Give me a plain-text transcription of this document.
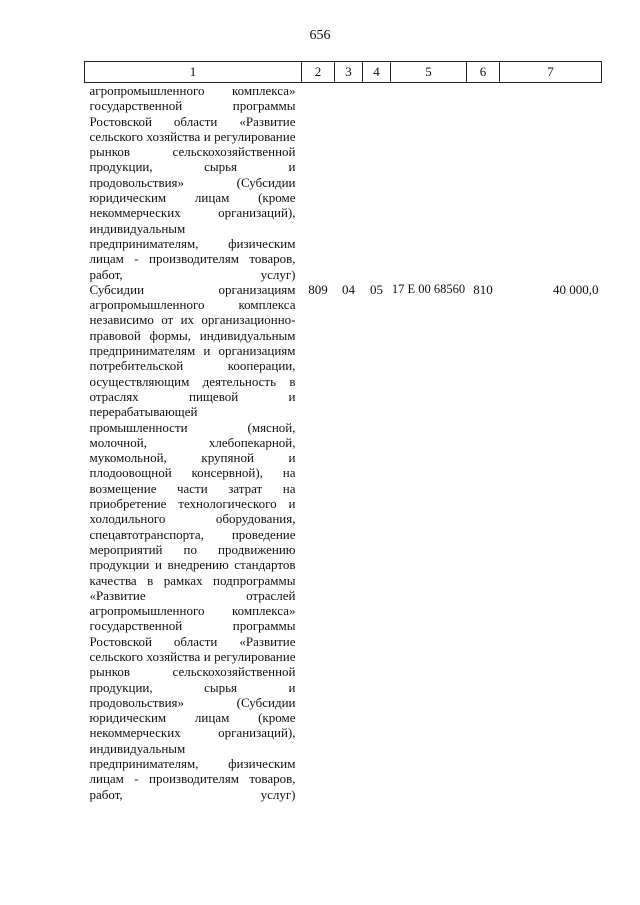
656
1	2	3	4	5	6	7
агропромышленного комплекса» государственной программы Ростовской области «Развитие сельского хозяйства и регулирование рынков сельскохозяйственной продукции, сырья и продовольствия» (Субсидии юридическим лицам (кроме некоммерческих организаций), индивидуальным предпринимателям, физическим лицам - производителям товаров, работ, услуг)						
Субсидии организациям агропромышленного комплекса независимо от их организационно-правовой формы, индивидуальным предпринимателям и организациям потребительской кооперации, осуществляющим деятельность в отраслях пищевой и перерабатывающей промышленности (мясной, молочной, хлебопекарной, мукомольной, крупяной и плодоовощной консервной), на возмещение части затрат на приобретение технологического и холодильного оборудования, спецавтотранспорта, проведение мероприятий по продвижению продукции и внедрению стандартов качества в рамках подпрограммы «Развитие отраслей агропромышленного комплекса» государственной программы Ростовской области «Развитие сельского хозяйства и регулирование рынков сельскохозяйственной продукции, сырья и продовольствия» (Субсидии юридическим лицам (кроме некоммерческих организаций), индивидуальным предпринимателям, физическим лицам - производителям товаров, работ, услуг)	809	04	05	17 Е 00 68560	810	40 000,0
